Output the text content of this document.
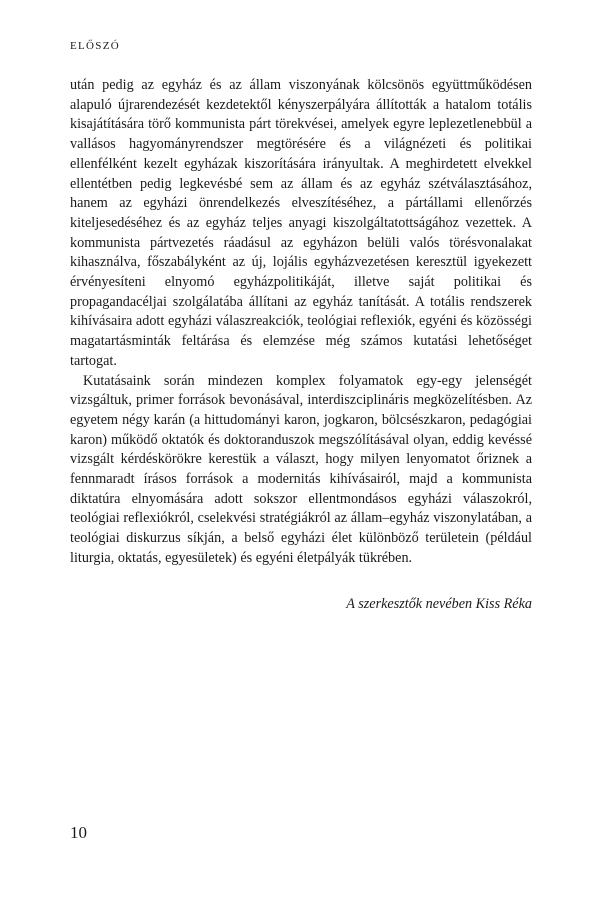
ELŐSZÓ

után pedig az egyház és az állam viszonyának kölcsönös együttműködésen alapuló újrarendezését kezdetektől kényszerpályára állították a hatalom totális kisajátítására törő kommunista párt törekvései, amelyek egyre leplezetlenebbül a vallásos hagyományrendszer megtörésére és a világnézeti és politikai ellenfélként kezelt egyházak kiszorítására irányultak. A meghirdetett elvekkel ellentétben pedig legkevésbé sem az állam és az egyház szétválasztásához, hanem az egyházi önrendelkezés elveszítéséhez, a pártállami ellenőrzés kiteljesedéséhez és az egyház teljes anyagi kiszolgáltatottságához vezettek. A kommunista pártvezetés ráadásul az egyházon belüli valós törésvonalakat kihasználva, főszabályként az új, lojális egyházvezetésen keresztül igyekezett érvényesíteni elnyomó egyházpolitikáját, illetve saját politikai és propagandacéljai szolgálatába állítani az egyház tanítását. A totális rendszerek kihívásaira adott egyházi válaszreakciók, teológiai reflexiók, egyéni és közösségi magatartásminták feltárása és elemzése még számos kutatási lehetőséget tartogat.

Kutatásaink során mindezen komplex folyamatok egy-egy jelenségét vizsgáltuk, primer források bevonásával, interdiszciplináris megközelítésben. Az egyetem négy karán (a hittudományi karon, jogkaron, bölcsészkaron, pedagógiai karon) működő oktatók és doktoranduszok megszólításával olyan, eddig kevéssé vizsgált kérdéskörökre kerestük a választ, hogy milyen lenyomatot őriznek a fennmaradt írásos források a modernitás kihívásairól, majd a kommunista diktatúra elnyomására adott sokszor ellentmondásos egyházi válaszokról, teológiai reflexiókról, cselekvési stratégiákról az állam–egyház viszonylatában, a teológiai diskurzus síkján, a belső egyházi élet különböző területein (például liturgia, oktatás, egyesületek) és egyéni életpályák tükrében.

A szerkesztők nevében Kiss Réka
10
